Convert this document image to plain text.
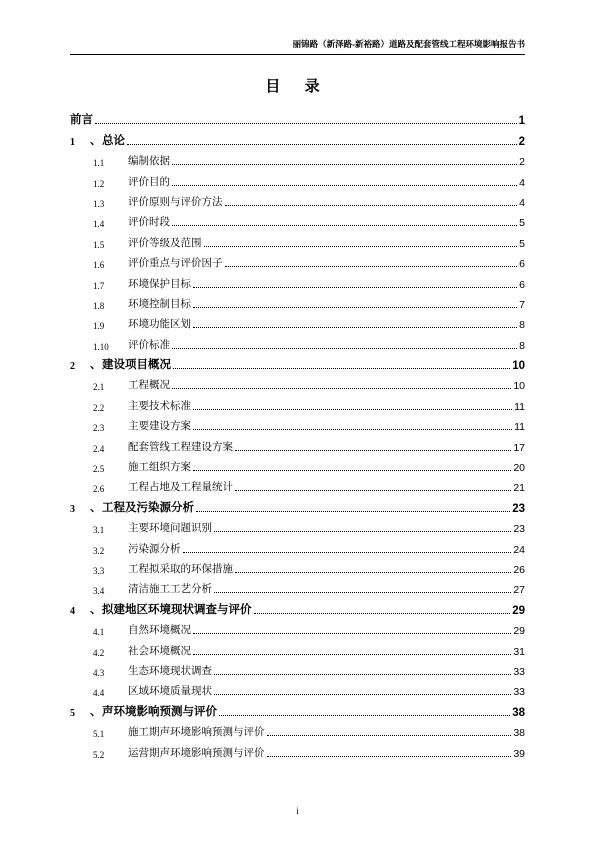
丽锦路（新泽路-新裕路）道路及配套管线工程环境影响报告书
目 录
前言	1
1	、 总论	2
1.1	编制依据	2
1.2	评价目的	4
1.3	评价原则与评价方法	4
1.4	评价时段	5
1.5	评价等级及范围	5
1.6	评价重点与评价因子	6
1.7	环境保护目标	6
1.8	环境控制目标	7
1.9	环境功能区划	8
1.10	评价标准	8
2	、 建设项目概况	10
2.1	工程概况	10
2.2	主要技术标准	11
2.3	主要建设方案	11
2.4	配套管线工程建设方案	17
2.5	施工组织方案	20
2.6	工程占地及工程量统计	21
3	、 工程及污染源分析	23
3.1	主要环境问题识别	23
3.2	污染源分析	24
3.3	工程拟采取的环保措施	26
3.4	清洁施工工艺分析	27
4	、 拟建地区环境现状调查与评价	29
4.1	自然环境概况	29
4.2	社会环境概况	31
4.3	生态环境现状调查	33
4.4	区域环境质量现状	33
5	、 声环境影响预测与评价	38
5.1	施工期声环境影响预测与评价	38
5.2	运营期声环境影响预测与评价	39
i
